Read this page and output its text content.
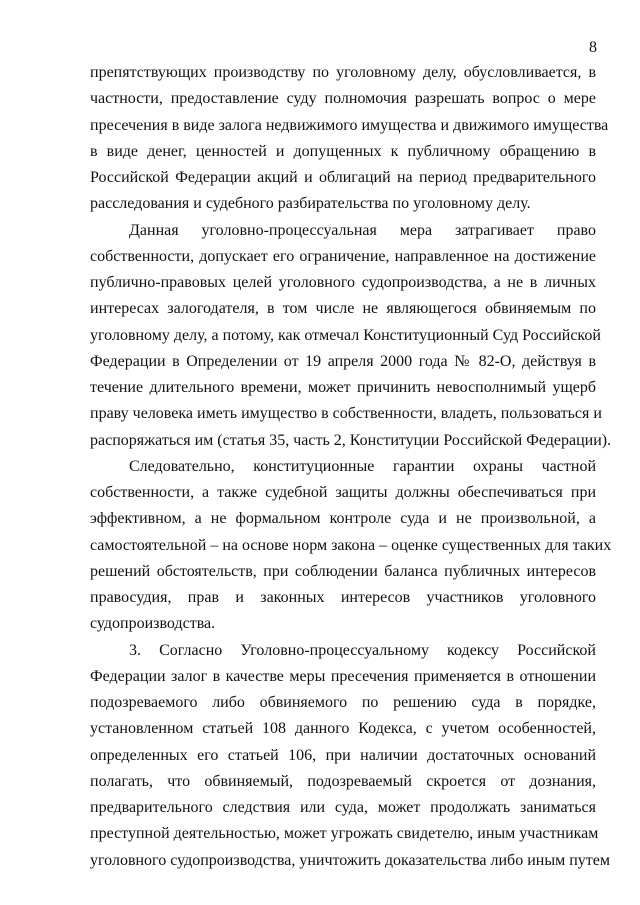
8
препятствующих производству по уголовному делу, обусловливается, в
частности, предоставление суду полномочия разрешать вопрос о мере
пресечения в виде залога недвижимого имущества и движимого имущества
в виде денег, ценностей и допущенных к публичному обращению в
Российской Федерации акций и облигаций на период предварительного
расследования и судебного разбирательства по уголовному делу.
Данная уголовно-процессуальная мера затрагивает право
собственности, допускает его ограничение, направленное на достижение
публично-правовых целей уголовного судопроизводства, а не в личных
интересах залогодателя, в том числе не являющегося обвиняемым по
уголовному делу, а потому, как отмечал Конституционный Суд Российской
Федерации в Определении от 19 апреля 2000 года № 82-О, действуя в
течение длительного времени, может причинить невосполнимый ущерб
праву человека иметь имущество в собственности, владеть, пользоваться и
распоряжаться им (статья 35, часть 2, Конституции Российской Федерации).
Следовательно, конституционные гарантии охраны частной
собственности, а также судебной защиты должны обеспечиваться при
эффективном, а не формальном контроле суда и не произвольной, а
самостоятельной – на основе норм закона – оценке существенных для таких
решений обстоятельств, при соблюдении баланса публичных интересов
правосудия, прав и законных интересов участников уголовного
судопроизводства.
3. Согласно Уголовно-процессуальному кодексу Российской
Федерации залог в качестве меры пресечения применяется в отношении
подозреваемого либо обвиняемого по решению суда в порядке,
установленном статьей 108 данного Кодекса, с учетом особенностей,
определенных его статьей 106, при наличии достаточных оснований
полагать, что обвиняемый, подозреваемый скроется от дознания,
предварительного следствия или суда, может продолжать заниматься
преступной деятельностью, может угрожать свидетелю, иным участникам
уголовного судопроизводства, уничтожить доказательства либо иным путем
